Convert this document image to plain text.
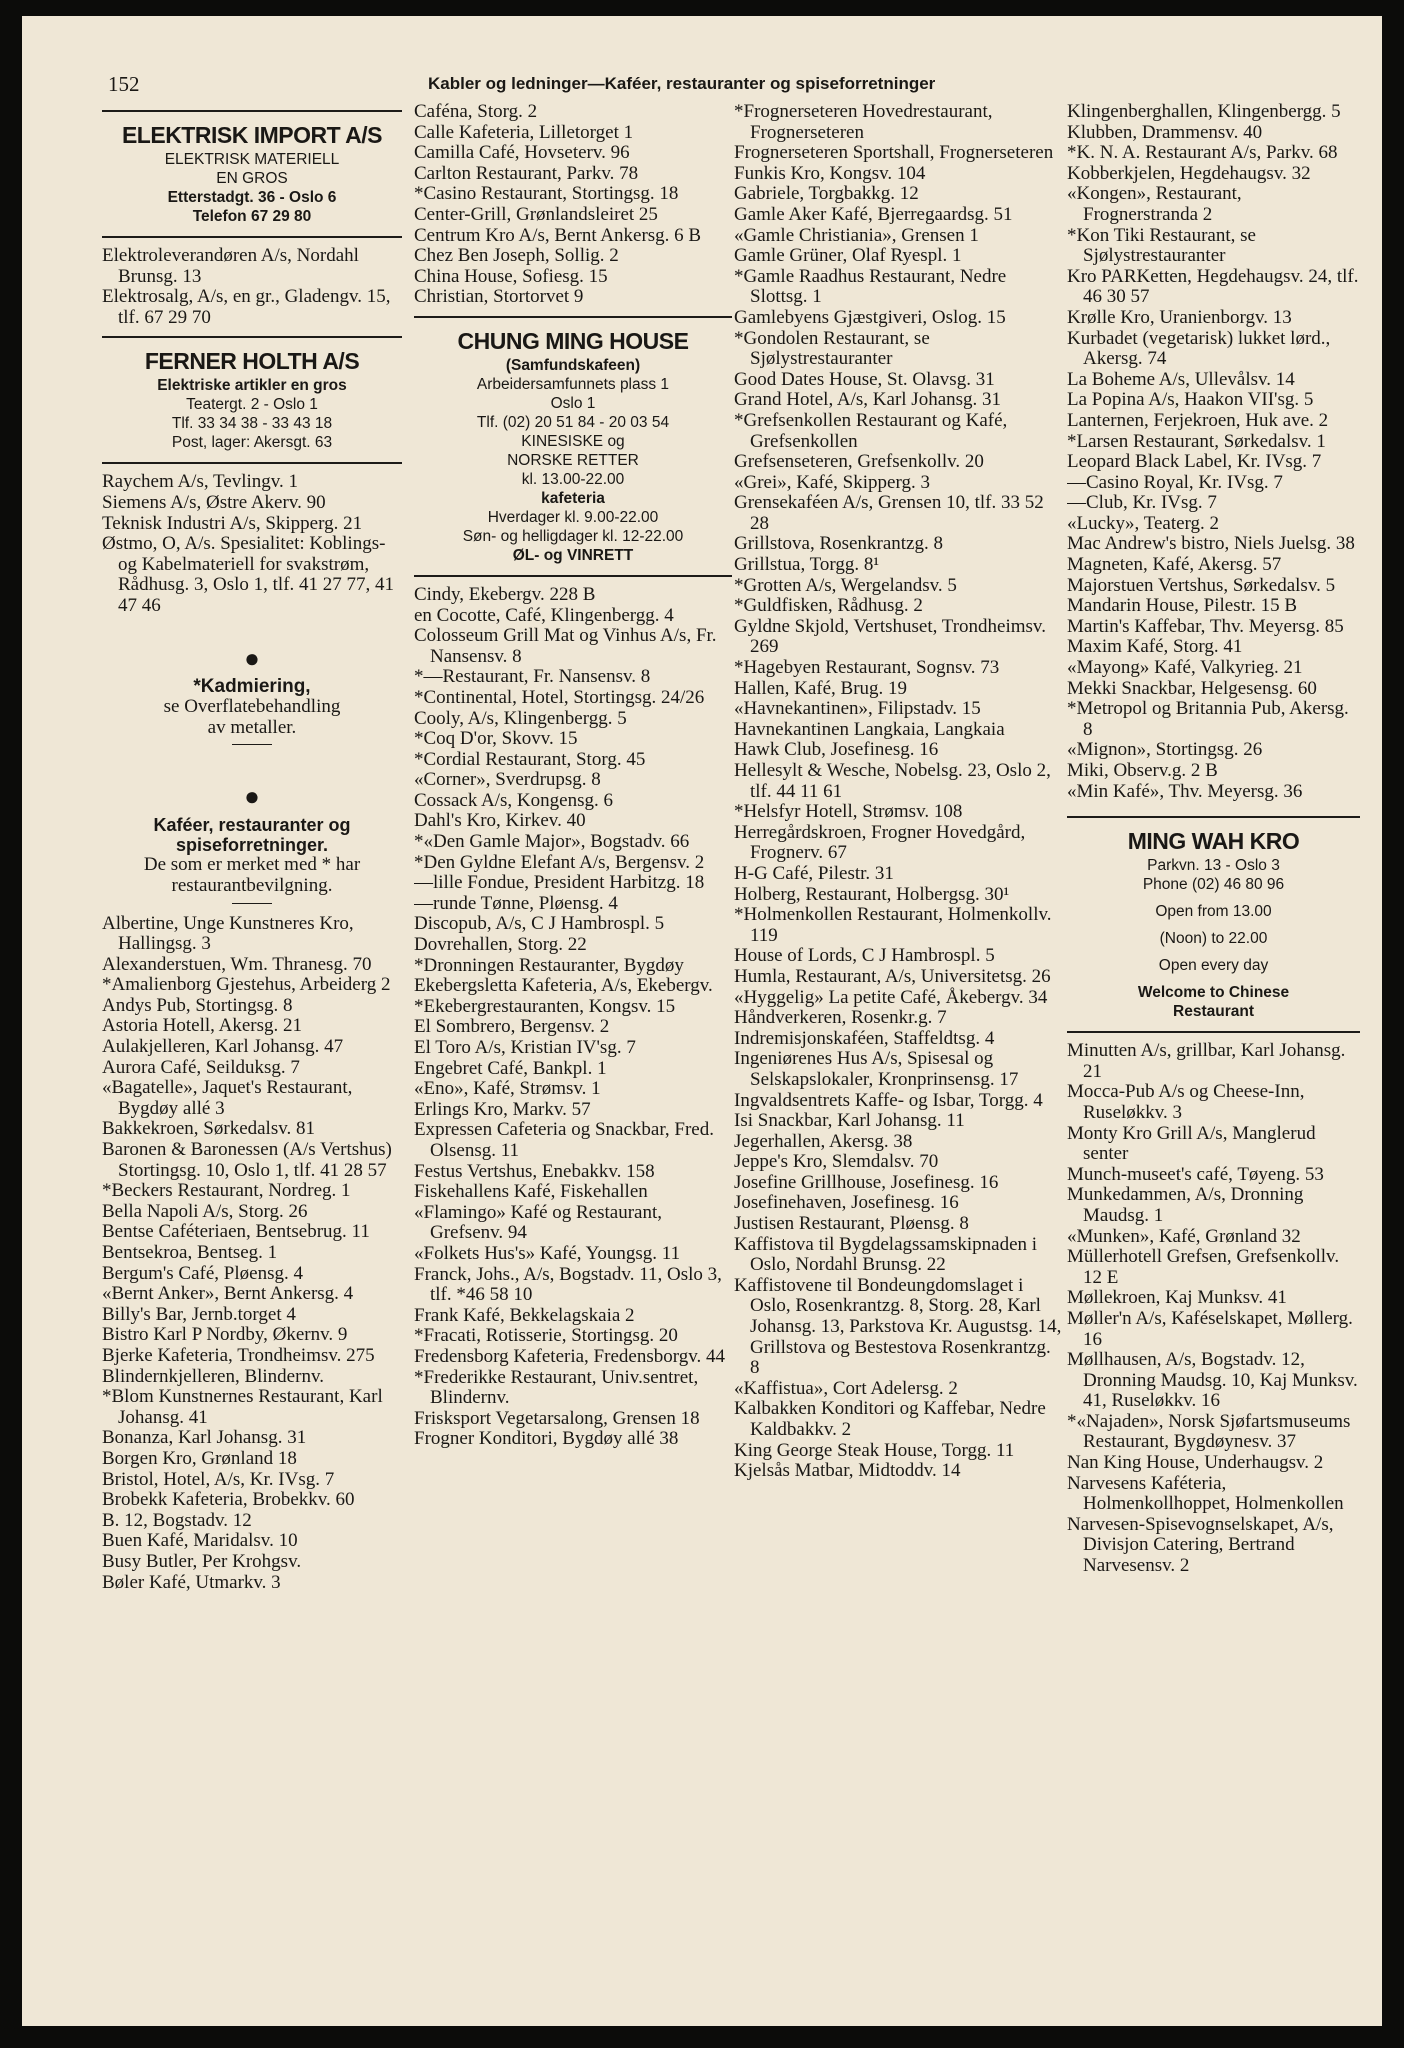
152	Kabler og ledninger—Kaféer, restauranter og spiseforretninger
ELEKTRISK IMPORT A/S
ELEKTRISK MATERIELL
EN GROS
Etterstadgt. 36 - Oslo 6
Telefon 67 29 80

Elektroleverandøren A/s, Nordahl Brunsg. 13

Elektrosalg, A/s, en gr., Gladengv. 15, tlf. 67 29 70

FERNER HOLTH A/S
Elektriske artikler en gros
Teatergt. 2 - Oslo 1
Tlf. 33 34 38 - 33 43 18
Post, lager: Akersgt. 63

Raychem A/s, Tevlingv. 1

Siemens A/s, Østre Akerv. 90

Teknisk Industri A/s, Skipperg. 21

Østmo, O, A/s. Spesialitet: Koblings- og Kabelmateriell for svakstrøm, Rådhusg. 3, Oslo 1, tlf. 41 27 77, 41 47 46

●

*Kadmiering,

se Overflatebehandling

av metaller.

●

Kaféer, restauranter og

spiseforretninger.

De som er merket med * har

restaurantbevilgning.

Albertine, Unge Kunstneres Kro, Hallingsg. 3

Alexanderstuen, Wm. Thranesg. 70

*Amalienborg Gjestehus, Arbeiderg 2

Andys Pub, Stortingsg. 8

Astoria Hotell, Akersg. 21

Aulakjelleren, Karl Johansg. 47

Aurora Café, Seilduksg. 7

«Bagatelle», Jaquet's Restaurant, Bygdøy allé 3

Bakkekroen, Sørkedalsv. 81

Baronen & Baronessen (A/s Vertshus) Stortingsg. 10, Oslo 1, tlf. 41 28 57

*Beckers Restaurant, Nordreg. 1

Bella Napoli A/s, Storg. 26

Bentse Caféteriaen, Bentsebrug. 11

Bentsekroa, Bentseg. 1

Bergum's Café, Pløensg. 4

«Bernt Anker», Bernt Ankersg. 4

Billy's Bar, Jernb.torget 4

Bistro Karl P Nordby, Økernv. 9

Bjerke Kafeteria, Trondheimsv. 275

Blindernkjelleren, Blindernv.

*Blom Kunstnernes Restaurant, Karl Johansg. 41

Bonanza, Karl Johansg. 31

Borgen Kro, Grønland 18

Bristol, Hotel, A/s, Kr. IVsg. 7

Brobekk Kafeteria, Brobekkv. 60

B. 12, Bogstadv. 12

Buen Kafé, Maridalsv. 10

Busy Butler, Per Krohgsv.

Bøler Kafé, Utmarkv. 3

Caféna, Storg. 2

Calle Kafeteria, Lilletorget 1

Camilla Café, Hovseterv. 96

Carlton Restaurant, Parkv. 78

*Casino Restaurant, Stortingsg. 18

Center-Grill, Grønlandsleiret 25

Centrum Kro A/s, Bernt Ankersg. 6 B

Chez Ben Joseph, Sollig. 2

China House, Sofiesg. 15

Christian, Stortorvet 9

CHUNG MING HOUSE
(Samfundskafeen)
Arbeidersamfunnets plass 1
Oslo 1
Tlf. (02) 20 51 84 - 20 03 54
KINESISKE og
NORSKE RETTER
kl. 13.00-22.00
kafeteria
Hverdager kl. 9.00-22.00
Søn- og helligdager kl. 12-22.00
ØL- og VINRETT

Cindy, Ekebergv. 228 B

en Cocotte, Café, Klingenbergg. 4

Colosseum Grill Mat og Vinhus A/s, Fr. Nansensv. 8

*—Restaurant, Fr. Nansensv. 8

*Continental, Hotel, Stortingsg. 24/26

Cooly, A/s, Klingenbergg. 5

*Coq D'or, Skovv. 15

*Cordial Restaurant, Storg. 45

«Corner», Sverdrupsg. 8

Cossack A/s, Kongensg. 6

Dahl's Kro, Kirkev. 40

*«Den Gamle Major», Bogstadv. 66

*Den Gyldne Elefant A/s, Bergensv. 2

—lille Fondue, President Harbitzg. 18

—runde Tønne, Pløensg. 4

Discopub, A/s, C J Hambrospl. 5

Dovrehallen, Storg. 22

*Dronningen Restauranter, Bygdøy

Ekebergsletta Kafeteria, A/s, Ekebergv.

*Ekebergrestauranten, Kongsv. 15

El Sombrero, Bergensv. 2

El Toro A/s, Kristian IV'sg. 7

Engebret Café, Bankpl. 1

«Eno», Kafé, Strømsv. 1

Erlings Kro, Markv. 57

Expressen Cafeteria og Snackbar, Fred. Olsensg. 11

Festus Vertshus, Enebakkv. 158

Fiskehallens Kafé, Fiskehallen

«Flamingo» Kafé og Restaurant, Grefsenv. 94

«Folkets Hus's» Kafé, Youngsg. 11

Franck, Johs., A/s, Bogstadv. 11, Oslo 3, tlf. *46 58 10

Frank Kafé, Bekkelagskaia 2

*Fracati, Rotisserie, Stortingsg. 20

Fredensborg Kafeteria, Fredensborgv. 44

*Frederikke Restaurant, Univ.sentret, Blindernv.

Frisksport Vegetarsalong, Grensen 18

Frogner Konditori, Bygdøy allé 38

*Frognerseteren Hovedrestaurant, Frognerseteren

Frognerseteren Sportshall, Frognerseteren

Funkis Kro, Kongsv. 104

Gabriele, Torgbakkg. 12

Gamle Aker Kafé, Bjerregaardsg. 51

«Gamle Christiania», Grensen 1

Gamle Grüner, Olaf Ryespl. 1

*Gamle Raadhus Restaurant, Nedre Slottsg. 1

Gamlebyens Gjæstgiveri, Oslog. 15

*Gondolen Restaurant, se Sjølystrestauranter

Good Dates House, St. Olavsg. 31

Grand Hotel, A/s, Karl Johansg. 31

*Grefsenkollen Restaurant og Kafé, Grefsenkollen

Grefsenseteren, Grefsenkollv. 20

«Grei», Kafé, Skipperg. 3

Grensekaféen A/s, Grensen 10, tlf. 33 52 28

Grillstova, Rosenkrantzg. 8

Grillstua, Torgg. 8¹

*Grotten A/s, Wergelandsv. 5

*Guldfisken, Rådhusg. 2

Gyldne Skjold, Vertshuset, Trondheimsv. 269

*Hagebyen Restaurant, Sognsv. 73

Hallen, Kafé, Brug. 19

«Havnekantinen», Filipstadv. 15

Havnekantinen Langkaia, Langkaia

Hawk Club, Josefinesg. 16

Hellesylt & Wesche, Nobelsg. 23, Oslo 2, tlf. 44 11 61

*Helsfyr Hotell, Strømsv. 108

Herregårdskroen, Frogner Hovedgård, Frognerv. 67

H-G Café, Pilestr. 31

Holberg, Restaurant, Holbergsg. 30¹

*Holmenkollen Restaurant, Holmenkollv. 119

House of Lords, C J Hambrospl. 5

Humla, Restaurant, A/s, Universitetsg. 26

«Hyggelig» La petite Café, Åkebergv. 34

Håndverkeren, Rosenkr.g. 7

Indremisjonskaféen, Staffeldtsg. 4

Ingeniørenes Hus A/s, Spisesal og Selskapslokaler, Kronprinsensg. 17

Ingvaldsentrets Kaffe- og Isbar, Torgg. 4

Isi Snackbar, Karl Johansg. 11

Jegerhallen, Akersg. 38

Jeppe's Kro, Slemdalsv. 70

Josefine Grillhouse, Josefinesg. 16

Josefinehaven, Josefinesg. 16

Justisen Restaurant, Pløensg. 8

Kaffistova til Bygdelagssamskipnaden i Oslo, Nordahl Brunsg. 22

Kaffistovene til Bondeungdomslaget i Oslo, Rosenkrantzg. 8, Storg. 28, Karl Johansg. 13, Parkstova Kr. Augustsg. 14, Grillstova og Bestestova Rosenkrantzg. 8

«Kaffistua», Cort Adelersg. 2

Kalbakken Konditori og Kaffebar, Nedre Kaldbakkv. 2

King George Steak House, Torgg. 11

Kjelsås Matbar, Midtoddv. 14

Klingenberghallen, Klingenbergg. 5

Klubben, Drammensv. 40

*K. N. A. Restaurant A/s, Parkv. 68

Kobberkjelen, Hegdehaugsv. 32

«Kongen», Restaurant, Frognerstranda 2

*Kon Tiki Restaurant, se Sjølystrestauranter

Kro PARKetten, Hegdehaugsv. 24, tlf. 46 30 57

Krølle Kro, Uranienborgv. 13

Kurbadet (vegetarisk) lukket lørd., Akersg. 74

La Boheme A/s, Ullevålsv. 14

La Popina A/s, Haakon VII'sg. 5

Lanternen, Ferjekroen, Huk ave. 2

*Larsen Restaurant, Sørkedalsv. 1

Leopard Black Label, Kr. IVsg. 7

—Casino Royal, Kr. IVsg. 7

—Club, Kr. IVsg. 7

«Lucky», Teaterg. 2

Mac Andrew's bistro, Niels Juelsg. 38

Magneten, Kafé, Akersg. 57

Majorstuen Vertshus, Sørkedalsv. 5

Mandarin House, Pilestr. 15 B

Martin's Kaffebar, Thv. Meyersg. 85

Maxim Kafé, Storg. 41

«Mayong» Kafé, Valkyrieg. 21

Mekki Snackbar, Helgesensg. 60

*Metropol og Britannia Pub, Akersg. 8

«Mignon», Stortingsg. 26

Miki, Observ.g. 2 B

«Min Kafé», Thv. Meyersg. 36

MING WAH KRO
Parkvn. 13 - Oslo 3
Phone (02) 46 80 96
Open from 13.00
(Noon) to 22.00
Open every day
Welcome to Chinese
Restaurant

Minutten A/s, grillbar, Karl Johansg. 21

Mocca-Pub A/s og Cheese-Inn, Ruseløkkv. 3

Monty Kro Grill A/s, Manglerud senter

Munch-museet's café, Tøyeng. 53

Munkedammen, A/s, Dronning Maudsg. 1

«Munken», Kafé, Grønland 32

Müllerhotell Grefsen, Grefsenkollv. 12 E

Møllekroen, Kaj Munksv. 41

Møller'n A/s, Kaféselskapet, Møllerg. 16

Møllhausen, A/s, Bogstadv. 12, Dronning Maudsg. 10, Kaj Munksv. 41, Ruseløkkv. 16

*«Najaden», Norsk Sjøfartsmuseums Restaurant, Bygdøynesv. 37

Nan King House, Underhaugsv. 2

Narvesens Kaféteria, Holmenkollhoppet, Holmenkollen

Narvesen-Spisevognselskapet, A/s, Divisjon Catering, Bertrand Narvesensv. 2
